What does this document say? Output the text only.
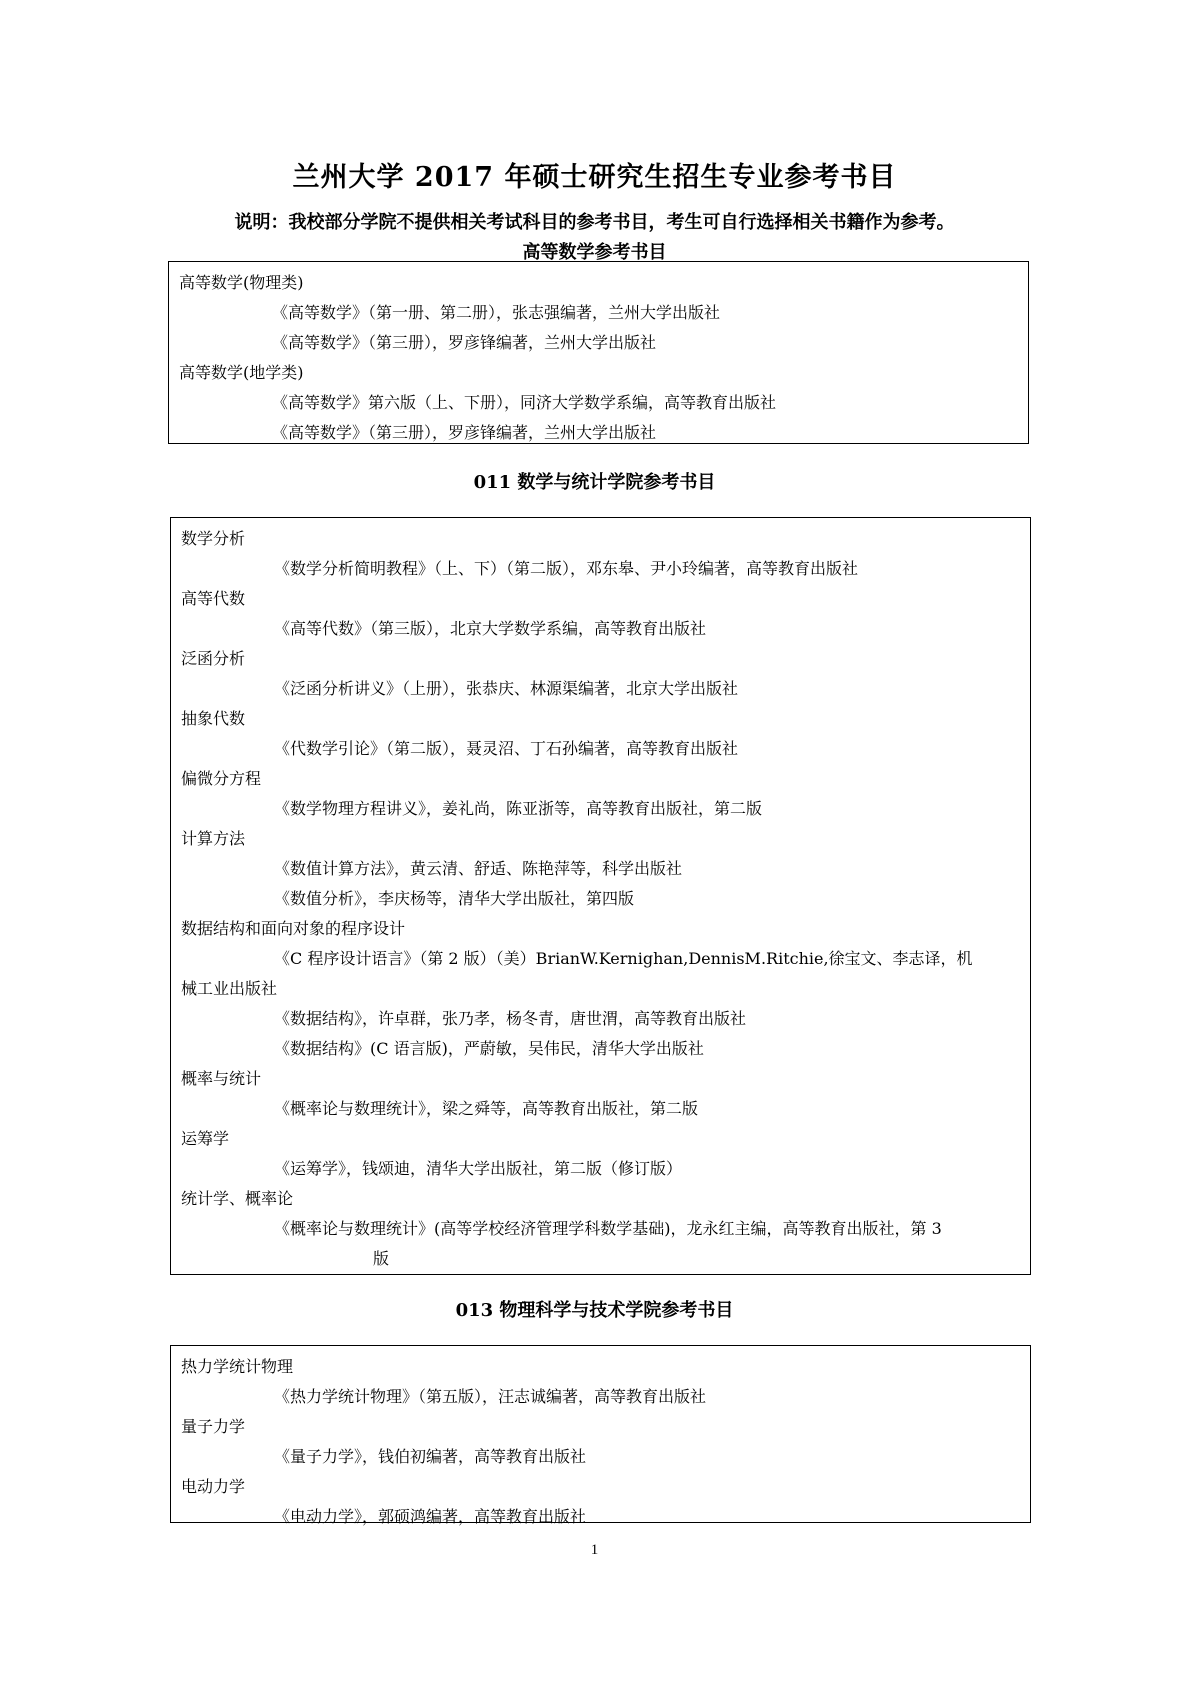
兰州大学 2017 年硕士研究生招生专业参考书目

说明：我校部分学院不提供相关考试科目的参考书目，考生可自行选择相关书籍作为参考。

高等数学参考书目
高等数学(物理类)
《高等数学》（第一册、第二册），张志强编著，兰州大学出版社
《高等数学》（第三册），罗彦锋编著，兰州大学出版社
高等数学(地学类)
《高等数学》第六版（上、下册），同济大学数学系编，高等教育出版社
《高等数学》（第三册），罗彦锋编著，兰州大学出版社
011 数学与统计学院参考书目
数学分析
《数学分析简明教程》（上、下）（第二版），邓东皋、尹小玲编著，高等教育出版社
高等代数
《高等代数》（第三版），北京大学数学系编，高等教育出版社
泛函分析
《泛函分析讲义》（上册），张恭庆、林源渠编著，北京大学出版社
抽象代数
《代数学引论》（第二版），聂灵沼、丁石孙编著，高等教育出版社
偏微分方程
《数学物理方程讲义》，姜礼尚，陈亚浙等，高等教育出版社，第二版
计算方法
《数值计算方法》，黄云清、舒适、陈艳萍等，科学出版社
《数值分析》，李庆杨等，清华大学出版社，第四版
数据结构和面向对象的程序设计
《C 程序设计语言》（第 2 版）（美）BrianW.Kernighan,DennisM.Ritchie,徐宝文、李志译，机
械工业出版社
《数据结构》，许卓群，张乃孝，杨冬青，唐世渭，高等教育出版社
《数据结构》(C 语言版)，严蔚敏，吴伟民，清华大学出版社
概率与统计
《概率论与数理统计》，梁之舜等，高等教育出版社，第二版
运筹学
《运筹学》，钱颂迪，清华大学出版社，第二版（修订版）
统计学、概率论
《概率论与数理统计》(高等学校经济管理学科数学基础)，龙永红主编，高等教育出版社，第 3
版
013 物理科学与技术学院参考书目
热力学统计物理
《热力学统计物理》（第五版），汪志诚编著，高等教育出版社
量子力学
《量子力学》，钱伯初编著，高等教育出版社
电动力学
《电动力学》，郭硕鸿编著，高等教育出版社

1
